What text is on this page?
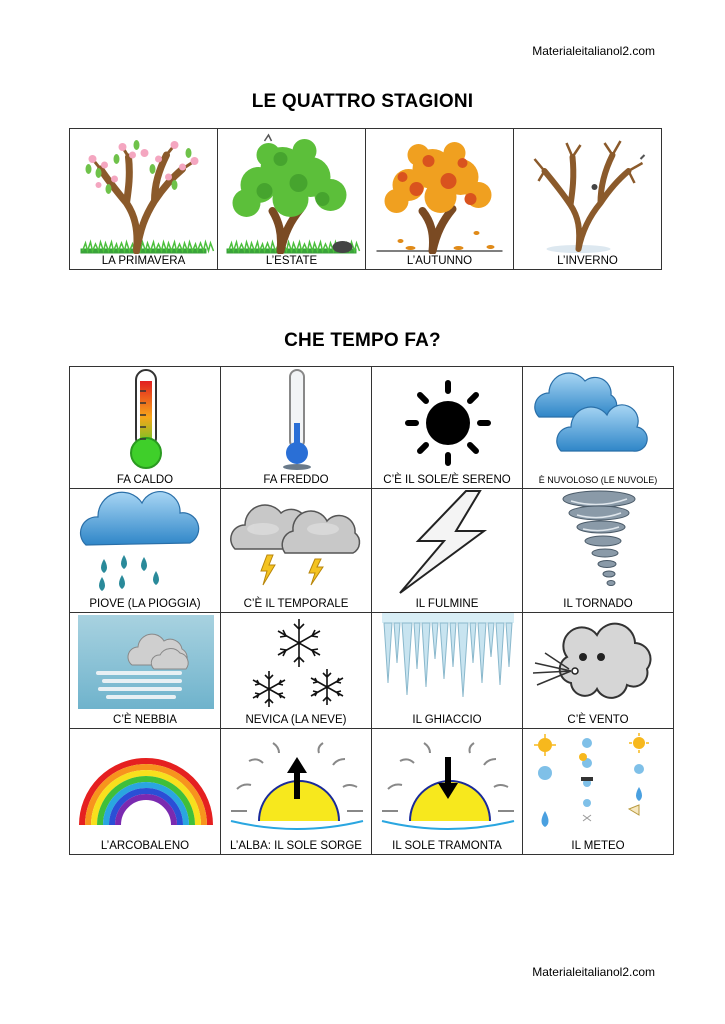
Materialeitalianol2.com
LE QUATTRO STAGIONI
LA PRIMAVERA	L’ESTATE	L’AUTUNNO	L’INVERNO
CHE TEMPO FA?
FA CALDO	FA FREDDO	C’È IL SOLE/È SERENO	È NUVOLOSO (LE NUVOLE)

PIOVE (LA PIOGGIA)	C’È IL TEMPORALE	IL FULMINE	IL TORNADO

C’È NEBBIA	NEVICA (LA NEVE)	IL GHIACCIO	C’È VENTO

L’ARCOBALENO	L’ALBA: IL SOLE SORGE	IL SOLE TRAMONTA	IL METEO
Materialeitalianol2.com
